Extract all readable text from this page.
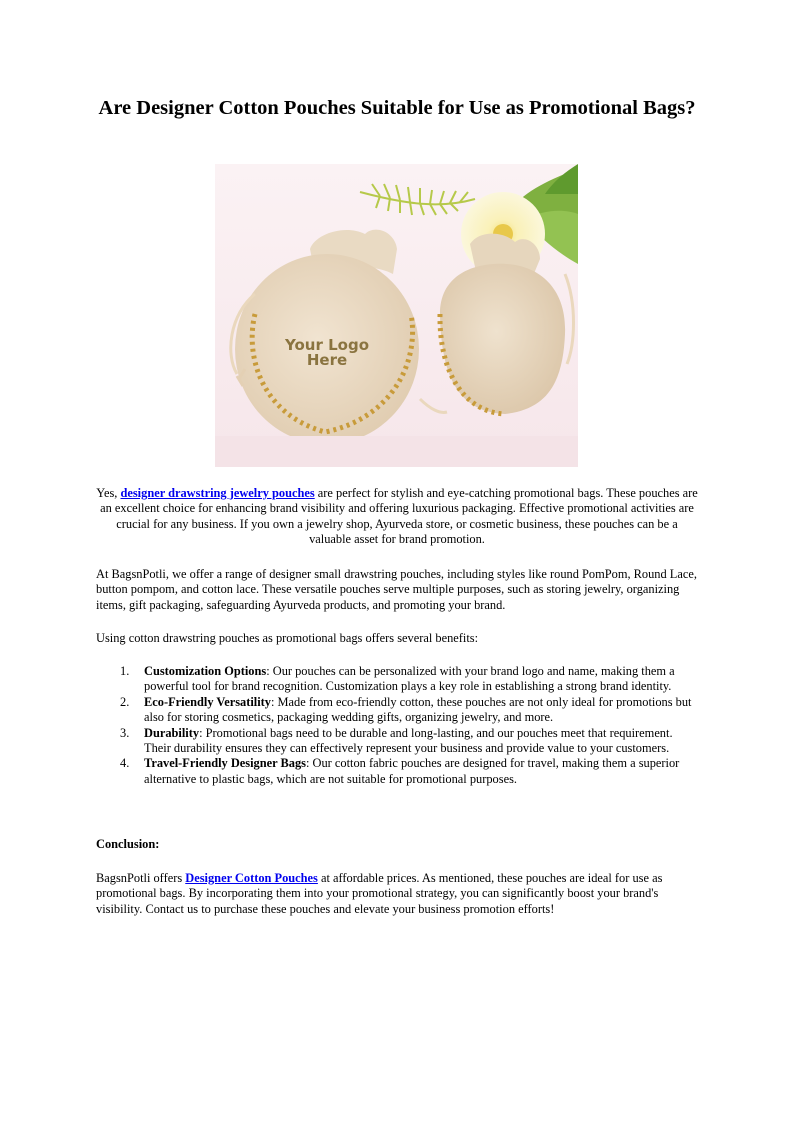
Are Designer Cotton Pouches Suitable for Use as Promotional Bags?
Your Logo
Here

Yes, designer drawstring jewelry pouches are perfect for stylish and eye-catching promotional bags. These pouches are an excellent choice for enhancing brand visibility and offering luxurious packaging. Effective promotional activities are crucial for any business. If you own a jewelry shop, Ayurveda store, or cosmetic business, these pouches can be a valuable asset for brand promotion.

At BagsnPotli, we offer a range of designer small drawstring pouches, including styles like round PomPom, Round Lace, button pompom, and cotton lace. These versatile pouches serve multiple purposes, such as storing jewelry, organizing items, gift packaging, safeguarding Ayurveda products, and promoting your brand.

Using cotton drawstring pouches as promotional bags offers several benefits:

1. Customization Options: Our pouches can be personalized with your brand logo and name, making them a powerful tool for brand recognition. Customization plays a key role in establishing a strong brand identity.
2. Eco-Friendly Versatility: Made from eco-friendly cotton, these pouches are not only ideal for promotions but also for storing cosmetics, packaging wedding gifts, organizing jewelry, and more.
3. Durability: Promotional bags need to be durable and long-lasting, and our pouches meet that requirement. Their durability ensures they can effectively represent your business and provide value to your customers.
4. Travel-Friendly Designer Bags: Our cotton fabric pouches are designed for travel, making them a superior alternative to plastic bags, which are not suitable for promotional purposes.

Conclusion:

BagsnPotli offers Designer Cotton Pouches at affordable prices. As mentioned, these pouches are ideal for use as promotional bags. By incorporating them into your promotional strategy, you can significantly boost your brand's visibility. Contact us to purchase these pouches and elevate your business promotion efforts!
